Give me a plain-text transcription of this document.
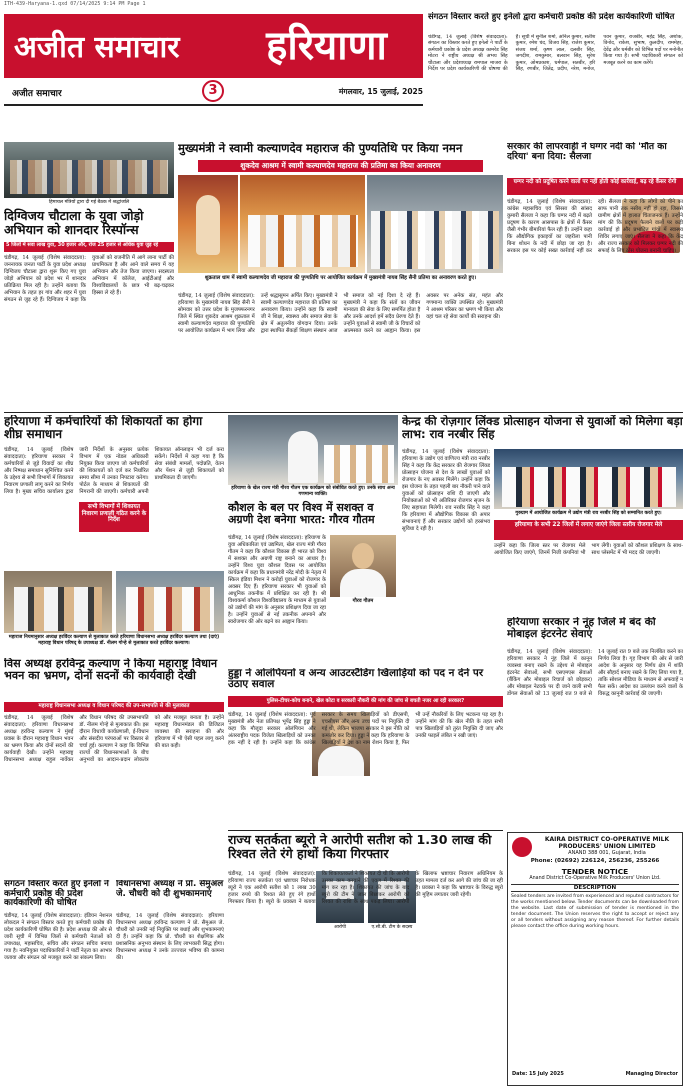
ITH-439-Haryana-1.qxd 07/14/2025 9:14 PM Page 1
अजीत समाचार	हरियाणा
अजीत समाचार	3	मंगलवार, 15 जुलाई, 2025
संगठन विस्तार करते हुए इनेलो द्वारा कर्मचारी प्रकोष्ठ की प्रदेश कार्यकारिणी घोषित
चंडीगढ़, 14 जुलाई (विशेष संवाददाता): संगठन का विस्तार करते हुए इनेलो ने पार्टी के कर्मचारी प्रकोष्ठ के प्रदेश अध्यक्ष कामरेड सिंह मोटरा ने राष्ट्रीय अध्यक्ष श्री अभय सिंह चौटाला और प्रदेशाध्यक्ष रामपाल माजरा के निर्देश पर प्रदेश कार्यकारिणी की घोषणा की है। सूची में सुनील शर्मा, अनिल कुमार, सतीश कुमार, रमेश चंद, विजय सिंह, राजेश कुमार, संजय शर्मा, कृष्ण लाल, दलबीर सिंह, जगदीश, रामकुमार, बलवान सिंह, सुरेश कुमार, ओमप्रकाश, धर्मपाल, सतबीर, हरि सिंह, रणबीर, जितेंद्र, प्रदीप, नरेश, मनोज, पवन कुमार, राजबीर, महेंद्र सिंह, अशोक, विनोद, राकेश, सुभाष, कुलदीप, राममेहर, देवेंद्र और धर्मबीर को विभिन्न पदों पर मनोनीत किया गया है। सभी पदाधिकारी संगठन को मजबूत करने का काम करेंगे।
हिमाचल मंत्रियों द्वारा दी गई बैठक में श्रद्धांजलि
दिग्विजय चौटाला के युवा जोड़ो अभियान को शानदार रिस्पॉन्स
5 जिलों में सवा लाख युवा, 30 हजार और, रोज 25 हजार से अधिक युवा जुड़ रहे
चंडीगढ़, 14 जुलाई (विशेष संवाददाता): जननायक जनता पार्टी के युवा प्रदेश अध्यक्ष दिग्विजय चौटाला द्वारा शुरू किए गए युवा जोड़ो अभियान को प्रदेश भर में शानदार प्रतिक्रिया मिल रही है। उन्होंने बताया कि अभियान के तहत हर गांव और शहर में युवा संगठन से जुड़ रहे हैं। दिग्विजय ने कहा कि युवाओं को राजनीति में आगे लाना पार्टी की प्राथमिकता है और आने वाले समय में यह अभियान और तेज किया जाएगा। सदस्यता अभियान में कॉलेज, आईटीआई और विश्वविद्यालयों के छात्र भी बढ़-चढ़कर हिस्सा ले रहे हैं।
मुख्यमंत्री ने स्वामी कल्याणदेव महाराज की पुण्यतिथि पर किया नमन
शुकदेव आश्रम में स्वामी कल्याणदेव महाराज की प्रतिमा का किया अनावरण
शुक्रताल धाम में स्वामी कल्याणदेव जी महाराज की पुण्यतिथि पर आयोजित कार्यक्रम में मुख्यमंत्री नायब सिंह सैनी प्रतिमा का अनावरण करते हुए।
चंडीगढ़, 14 जुलाई (विशेष संवाददाता): हरियाणा के मुख्यमंत्री नायब सिंह सैनी ने सोमवार को उत्तर प्रदेश के मुजफ्फरनगर जिले में स्थित शुकदेव आश्रम शुक्रताल में स्वामी कल्याणदेव महाराज की पुण्यतिथि पर आयोजित कार्यक्रम में भाग लिया और उन्हें श्रद्धासुमन अर्पित किए। मुख्यमंत्री ने स्वामी कल्याणदेव महाराज की प्रतिमा का अनावरण किया। उन्होंने कहा कि स्वामी जी ने शिक्षा, स्वास्थ्य और समाज सेवा के क्षेत्र में अतुलनीय योगदान दिया। उनके द्वारा स्थापित सैकड़ों शिक्षण संस्थान आज भी समाज को नई दिशा दे रहे हैं। मुख्यमंत्री ने कहा कि संतों का जीवन मानवता की सेवा के लिए समर्पित होता है और उनके आदर्श हमें सदैव प्रेरणा देते हैं। उन्होंने युवाओं से स्वामी जी के विचारों को आत्मसात करने का आह्वान किया। इस अवसर पर अनेक संत, महंत और गणमान्य व्यक्ति उपस्थित रहे। मुख्यमंत्री ने आश्रम परिसर का भ्रमण भी किया और वहां चल रहे सेवा कार्यों की सराहना की।
सरकार की लापरवाही ने घग्गर नदी को 'मौत का दरिया' बना दिया: सैलजा
घग्गर नदी को प्रदूषित करने वालों पर नहीं होती कोई कार्रवाई, बढ़ रहे कैंसर रोगी
चंडीगढ़, 14 जुलाई (विशेष संवाददाता): कांग्रेस महासचिव एवं सिरसा की सांसद कुमारी सैलजा ने कहा कि घग्गर नदी में बढ़ते प्रदूषण के कारण आसपास के क्षेत्रों में कैंसर जैसी गंभीर बीमारियां फैल रही हैं। उन्होंने कहा कि औद्योगिक इकाइयों का जहरीला पानी बिना शोधन के नदी में छोड़ा जा रहा है। सरकार इस पर कोई सख्त कार्रवाई नहीं कर रही। सैलजा ने कहा कि लोगों को पीने का साफ पानी तक नसीब नहीं हो रहा, जिससे ग्रामीण क्षेत्रों में हालात चिंताजनक हैं। उन्होंने मांग की कि प्रदूषण फैलाने वालों पर कड़ी कार्रवाई हो और प्रभावित गांवों में स्वास्थ्य शिविर लगाए जाएं। सैलजा ने कहा कि केंद्र और राज्य सरकार को मिलकर घग्गर नदी की सफाई के लिए ठोस योजना बनानी चाहिए।
हरियाणा में कर्मचारियों की शिकायतों का होगा शीघ्र समाधान
चंडीगढ़, 14 जुलाई (विशेष संवाददाता): हरियाणा सरकार ने कर्मचारियों से जुड़े विवादों का शीघ्र और निष्पक्ष समाधान सुनिश्चित करने के उद्देश्य से सभी विभागों में शिकायत निवारण प्रणाली लागू करने का निर्णय लिया है। मुख्य सचिव कार्यालय द्वारा जारी निर्देशों के अनुसार प्रत्येक विभाग में एक नोडल अधिकारी नियुक्त किया जाएगा जो कर्मचारियों की शिकायतों को दर्ज कर निर्धारित समय सीमा में उनका निपटारा करेगा। पोर्टल के माध्यम से शिकायतों की निगरानी की जाएगी। कर्मचारी अपनी शिकायत ऑनलाइन भी दर्ज करा सकेंगे। निर्देशों में कहा गया है कि सेवा संबंधी मामलों, पदोन्नति, वेतन और पेंशन से जुड़ी शिकायतों को प्राथमिकता दी जाएगी।
सभी विभागों में शिकायत निवारण प्रणाली गठित करने के निर्देश
महाराज नियमानुसार अध्यक्ष हरविंदर कल्याण से मुलाकात करते हरियाणा विधानसभा अध्यक्ष हरविंदर कल्याण तथा (दाएं) महाराष्ट्र विधान परिषद् के उपाध्यक्ष डॉ. नीलम गोऱ्हे से मुलाकात करते हरविंदर कल्याण।
हरियाणा के खेल राज्य मंत्री गौरव गौतम एक कार्यक्रम को संबोधित करते हुए। उनके साथ अन्य गणमान्य व्यक्ति।
कौशल के बल पर विश्व में सशक्त व अग्रणी देश बनेगा भारत: गौरव गौतम
गौरव गौतम
चंडीगढ़, 14 जुलाई (विशेष संवाददाता): हरियाणा के युवा अधिकारिता एवं उद्यमिता, खेल राज्य मंत्री गौरव गौतम ने कहा कि कौशल विकास ही भारत को विश्व में सशक्त और अग्रणी राष्ट्र बनाने का आधार है। उन्होंने विश्व युवा कौशल दिवस पर आयोजित कार्यक्रम में कहा कि प्रधानमंत्री नरेंद्र मोदी के नेतृत्व में स्किल इंडिया मिशन ने करोड़ों युवाओं को रोजगार के अवसर दिए हैं। हरियाणा सरकार भी युवाओं को आधुनिक तकनीक में प्रशिक्षित कर रही है। श्री विश्वकर्मा कौशल विश्वविद्यालय के माध्यम से युवाओं को उद्योगों की मांग के अनुसार प्रशिक्षण दिया जा रहा है। उन्होंने युवाओं से नई तकनीक अपनाने और स्वरोजगार की ओर बढ़ने का आह्वान किया।
केन्द्र की रोज़गार लिंक्ड प्रोत्साहन योजना से युवाओं को मिलेगा बड़ा लाभ: राव नरबीर सिंह
चंडीगढ़, 14 जुलाई (विशेष संवाददाता): हरियाणा के उद्योग एवं वाणिज्य मंत्री राव नरबीर सिंह ने कहा कि केंद्र सरकार की रोजगार लिंक्ड प्रोत्साहन योजना से देश के लाखों युवाओं को रोजगार के नए अवसर मिलेंगे। उन्होंने कहा कि इस योजना के तहत पहली बार नौकरी पाने वाले युवाओं को प्रोत्साहन राशि दी जाएगी और नियोक्ताओं को भी अतिरिक्त रोजगार सृजन के लिए सहायता मिलेगी। राव नरबीर सिंह ने कहा कि हरियाणा में औद्योगिक विकास की अपार संभावनाएं हैं और सरकार उद्योगों को हरसंभव सुविधा दे रही है।
गुरुग्राम में आयोजित कार्यक्रम में उद्योग मंत्री राव नरबीर सिंह को सम्मानित करते हुए।
हरियाणा के सभी 22 जिलों में लगाए जाएंगे जिला स्तरीय रोजगार मेले
उन्होंने कहा कि जिला स्तर पर रोजगार मेले आयोजित किए जाएंगे, जिनमें निजी कंपनियां भी भाग लेंगी। युवाओं को कौशल प्रशिक्षण के साथ-साथ प्लेसमेंट में भी मदद की जाएगी।
हरियाणा सरकार ने नूंह जिले में बंद की मोबाइल इंटरनेट सेवाएं
चंडीगढ़, 14 जुलाई (विशेष संवाददाता): हरियाणा सरकार ने नूंह जिले में कानून व्यवस्था बनाए रखने के उद्देश्य से मोबाइल इंटरनेट सेवाओं, सभी एसएमएस सेवाओं (बैंकिंग और मोबाइल रिचार्ज को छोड़कर) और मोबाइल नेटवर्क पर दी जाने वाली सभी डोंगल सेवाओं को 13 जुलाई रात 9 बजे से 14 जुलाई रात 9 बजे तक निलंबित करने का निर्णय लिया है। गृह विभाग की ओर से जारी आदेश के अनुसार यह निर्णय क्षेत्र में शांति और सौहार्द बनाए रखने के लिए लिया गया है, ताकि सोशल मीडिया के माध्यम से अफवाहें न फैल सकें। आदेश का उल्लंघन करने वालों के विरुद्ध कानूनी कार्रवाई की जाएगी।
हुड्डा ने ओलंपियनों व अन्य आउटस्टैंडिंग खिलाड़ियों को पद न देने पर उठाए सवाल
पुलिस-टीचर-कोच बनाने, खेल कोटा व सरकारी नौकरी की मांग की जांच से बचती नजर आ रही सरकार?
चंडीगढ़, 14 जुलाई (विशेष संवाददाता): पूर्व मुख्यमंत्री और नेता प्रतिपक्ष भूपेंद्र सिंह हुड्डा ने कहा कि मौजूदा सरकार ओलंपियन और अंतरराष्ट्रीय पदक विजेता खिलाड़ियों को उनका हक नहीं दे रही है। उन्होंने कहा कि कांग्रेस सरकार के समय खिलाड़ियों को डीएसपी, एचसीएस और अन्य उच्च पदों पर नियुक्ति दी गई थी, लेकिन भाजपा सरकार ने इस नीति को कमजोर कर दिया। हुड्डा ने कहा कि हरियाणा के खिलाड़ियों ने देश का नाम रोशन किया है, फिर भी उन्हें नौकरियों के लिए भटकना पड़ रहा है। उन्होंने मांग की कि खेल नीति के तहत सभी पात्र खिलाड़ियों को तुरंत नियुक्ति दी जाए और उनकी फाइलें लंबित न रखी जाएं।
विस अध्यक्ष हरविन्द्र कल्याण ने किया महाराष्ट्र विधान भवन का भ्रमण, दोनों सदनों की कार्यवाही देखी
महाराष्ट्र विधानसभा अध्यक्ष व विधान परिषद की उप-सभापति से की मुलाकात
चंडीगढ़, 14 जुलाई (विशेष संवाददाता): हरियाणा विधानसभा अध्यक्ष हरविन्द्र कल्याण ने मुंबई प्रवास के दौरान महाराष्ट्र विधान भवन का भ्रमण किया और दोनों सदनों की कार्यवाही देखी। उन्होंने महाराष्ट्र विधानसभा अध्यक्ष राहुल नार्वेकर और विधान परिषद की उपसभापति डॉ. नीलम गोऱ्हे से मुलाकात की। इस दौरान विधायी कार्यप्रणाली, ई-विधान और संसदीय परंपराओं पर विस्तार से चर्चा हुई। कल्याण ने कहा कि विभिन्न राज्यों की विधानसभाओं के बीच अनुभवों का आदान-प्रदान लोकतंत्र को और मजबूत बनाता है। उन्होंने महाराष्ट्र विधानमंडल की डिजिटल व्यवस्था की सराहना की और हरियाणा में भी ऐसी पहल लागू करने की बात कही।
राज्य सतर्कता ब्यूरो ने आरोपी सतीश को 1.30 लाख की रिश्वत लेते रंगे हाथों किया गिरफ्तार
आरोपी	ए.सी.बी. टीम के सदस्य
चंडीगढ़, 14 जुलाई (विशेष संवाददाता): हरियाणा राज्य सतर्कता एवं भ्रष्टाचार निरोधक ब्यूरो ने एक आरोपी सतीश को 1 लाख 30 हजार रुपये की रिश्वत लेते हुए रंगे हाथों गिरफ्तार किया है। ब्यूरो के प्रवक्ता ने बताया कि शिकायतकर्ता ने शिकायत दी थी कि आरोपी उसका काम करवाने की एवज में रिश्वत की मांग कर रहा है। शिकायत की जांच के बाद ब्यूरो की टीम ने जाल बिछाकर आरोपी को रिश्वत की राशि के साथ पकड़ लिया। आरोपी के खिलाफ भ्रष्टाचार निवारण अधिनियम के तहत मामला दर्ज कर आगे की जांच की जा रही है। प्रवक्ता ने कहा कि भ्रष्टाचार के विरुद्ध ब्यूरो की मुहिम लगातार जारी रहेगी।
KAIRA DISTRICT CO-OPERATIVE MILK
PRODUCERS' UNION LIMITED
ANAND 388 001, Gujarat, India
Phone: (02692) 226124, 256236, 255266
TENDER NOTICE
Anand District Co-Operative Milk Producers' Union Ltd.
DESCRIPTION
Sealed tenders are invited from experienced and reputed contractors for the works mentioned below. Tender documents can be downloaded from the website. Last date of submission of tender is mentioned in the tender document. The Union reserves the right to accept or reject any or all tenders without assigning any reason thereof. For further details please contact the office during working hours.
Date: 15 July 2025	Managing Director
संगठन विस्तार करते हुए इनेलो ने कर्मचारी प्रकोष्ठ की प्रदेश कार्यकारिणी की घोषित
चंडीगढ़, 14 जुलाई (विशेष संवाददाता): इंडियन नेशनल लोकदल ने संगठन विस्तार करते हुए कर्मचारी प्रकोष्ठ की प्रदेश कार्यकारिणी घोषित की है। प्रदेश अध्यक्ष की ओर से जारी सूची में विभिन्न जिलों से कर्मचारी नेताओं को उपाध्यक्ष, महासचिव, सचिव और संगठन सचिव बनाया गया है। नवनियुक्त पदाधिकारियों ने पार्टी नेतृत्व का आभार जताया और संगठन को मजबूत करने का संकल्प लिया।
विधानसभा अध्यक्ष ने प्रो. सैमुअल जे. चौधरी को दी शुभकामनाएं
चंडीगढ़, 14 जुलाई (विशेष संवाददाता): हरियाणा विधानसभा अध्यक्ष हरविन्द्र कल्याण ने प्रो. सैमुअल जे. चौधरी को उनकी नई नियुक्ति पर बधाई और शुभकामनाएं दी हैं। उन्होंने कहा कि प्रो. चौधरी का शैक्षणिक और प्रशासनिक अनुभव संस्थान के लिए लाभकारी सिद्ध होगा। विधानसभा अध्यक्ष ने उनके उज्ज्वल भविष्य की कामना की।
